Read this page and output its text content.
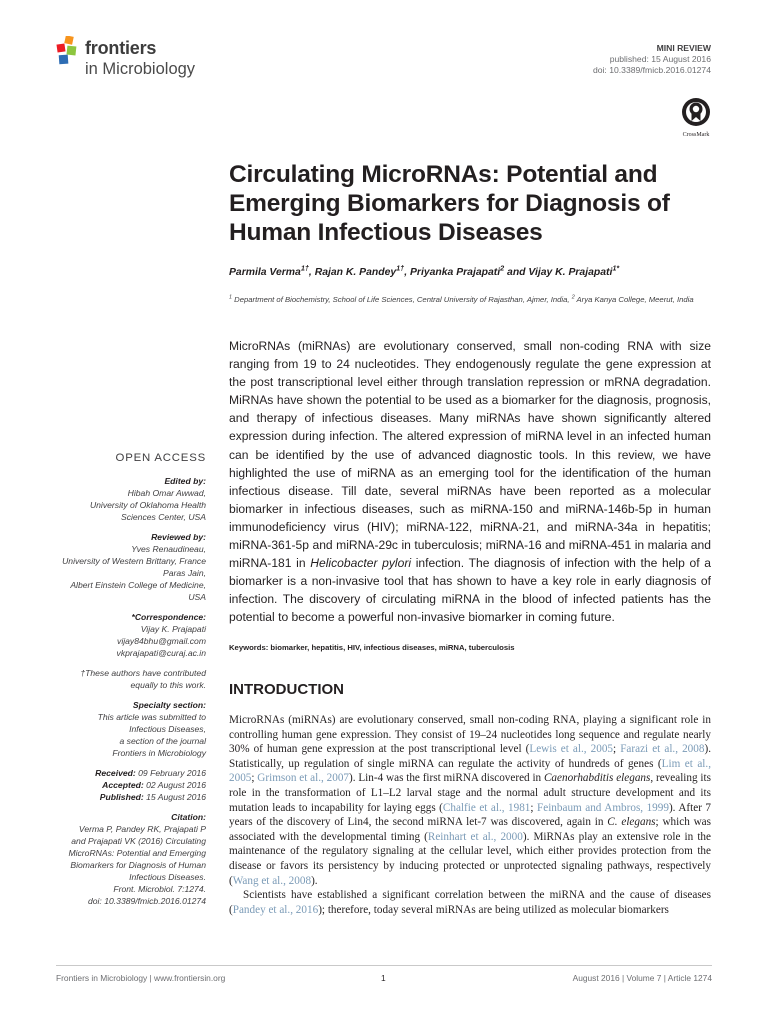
frontiers
in Microbiology
MINI REVIEW
published: 15 August 2016
doi: 10.3389/fmicb.2016.01274
CrossMark
Circulating MicroRNAs: Potential and Emerging Biomarkers for Diagnosis of Human Infectious Diseases
Parmila Verma$^{1\dagger}$, Rajan K. Pandey$^{1\dagger}$, Priyanka Prajapati$^2$ and Vijay K. Prajapati$^{1*}$
$^1$ Department of Biochemistry, School of Life Sciences, Central University of Rajasthan, Ajmer, India, $^2$ Arya Kanya College, Meerut, India
MicroRNAs (miRNAs) are evolutionary conserved, small non-coding RNA with size ranging from 19 to 24 nucleotides. They endogenously regulate the gene expression at the post transcriptional level either through translation repression or mRNA degradation. MiRNAs have shown the potential to be used as a biomarker for the diagnosis, prognosis, and therapy of infectious diseases. Many miRNAs have shown significantly altered expression during infection. The altered expression of miRNA level in an infected human can be identified by the use of advanced diagnostic tools. In this review, we have highlighted the use of miRNA as an emerging tool for the identification of the human infectious disease. Till date, several miRNAs have been reported as a molecular biomarker in infectious diseases, such as miRNA-150 and miRNA-146b-5p in human immunodeficiency virus (HIV); miRNA-122, miRNA-21, and miRNA-34a in hepatitis; miRNA-361-5p and miRNA-29c in tuberculosis; miRNA-16 and miRNA-451 in malaria and miRNA-181 in Helicobacter pylori infection. The diagnosis of infection with the help of a biomarker is a non-invasive tool that has shown to have a key role in early diagnosis of infection. The discovery of circulating miRNA in the blood of infected patients has the potential to become a powerful non-invasive biomarker in coming future.
Keywords: biomarker, hepatitis, HIV, infectious diseases, miRNA, tuberculosis
OPEN ACCESS
Edited by:
Hibah Omar Awwad,
University of Oklahoma Health
Sciences Center, USA
Reviewed by:
Yves Renaudineau,
University of Western Brittany, France
Paras Jain,
Albert Einstein College of Medicine,
USA
*Correspondence:
Vijay K. Prajapati
vijay84bhu@gmail.com
vkprajapati@curaj.ac.in
†These authors have contributed
equally to this work.
Specialty section:
This article was submitted to
Infectious Diseases,
a section of the journal
Frontiers in Microbiology
Received: 09 February 2016
Accepted: 02 August 2016
Published: 15 August 2016
Citation:
Verma P, Pandey RK, Prajapati P
and Prajapati VK (2016) Circulating
MicroRNAs: Potential and Emerging
Biomarkers for Diagnosis of Human
Infectious Diseases.
Front. Microbiol. 7:1274.
doi: 10.3389/fmicb.2016.01274
INTRODUCTION

MicroRNAs (miRNAs) are evolutionary conserved, small non-coding RNA, playing a significant role in controlling human gene expression. They consist of 19–24 nucleotides long sequence and regulate nearly 30% of human gene expression at the post transcriptional level (Lewis et al., 2005; Farazi et al., 2008). Statistically, up regulation of single miRNA can regulate the activity of hundreds of genes (Lim et al., 2005; Grimson et al., 2007). Lin-4 was the first miRNA discovered in Caenorhabditis elegans, revealing its role in the transformation of L1–L2 larval stage and the normal adult structure development and its mutation leads to incapability for laying eggs (Chalfie et al., 1981; Feinbaum and Ambros, 1999). After 7 years of the discovery of Lin4, the second miRNA let-7 was discovered, again in C. elegans; which was associated with the developmental timing (Reinhart et al., 2000). MiRNAs play an extensive role in the maintenance of the regulatory signaling at the cellular level, which either provides protection from the disease or favors its persistency by inducing protected or unprotected signaling pathways, respectively (Wang et al., 2008).

Scientists have established a significant correlation between the miRNA and the cause of diseases (Pandey et al., 2016); therefore, today several miRNAs are being utilized as molecular biomarkers

Frontiers in Microbiology | www.frontiersin.org	1	August 2016 | Volume 7 | Article 1274
